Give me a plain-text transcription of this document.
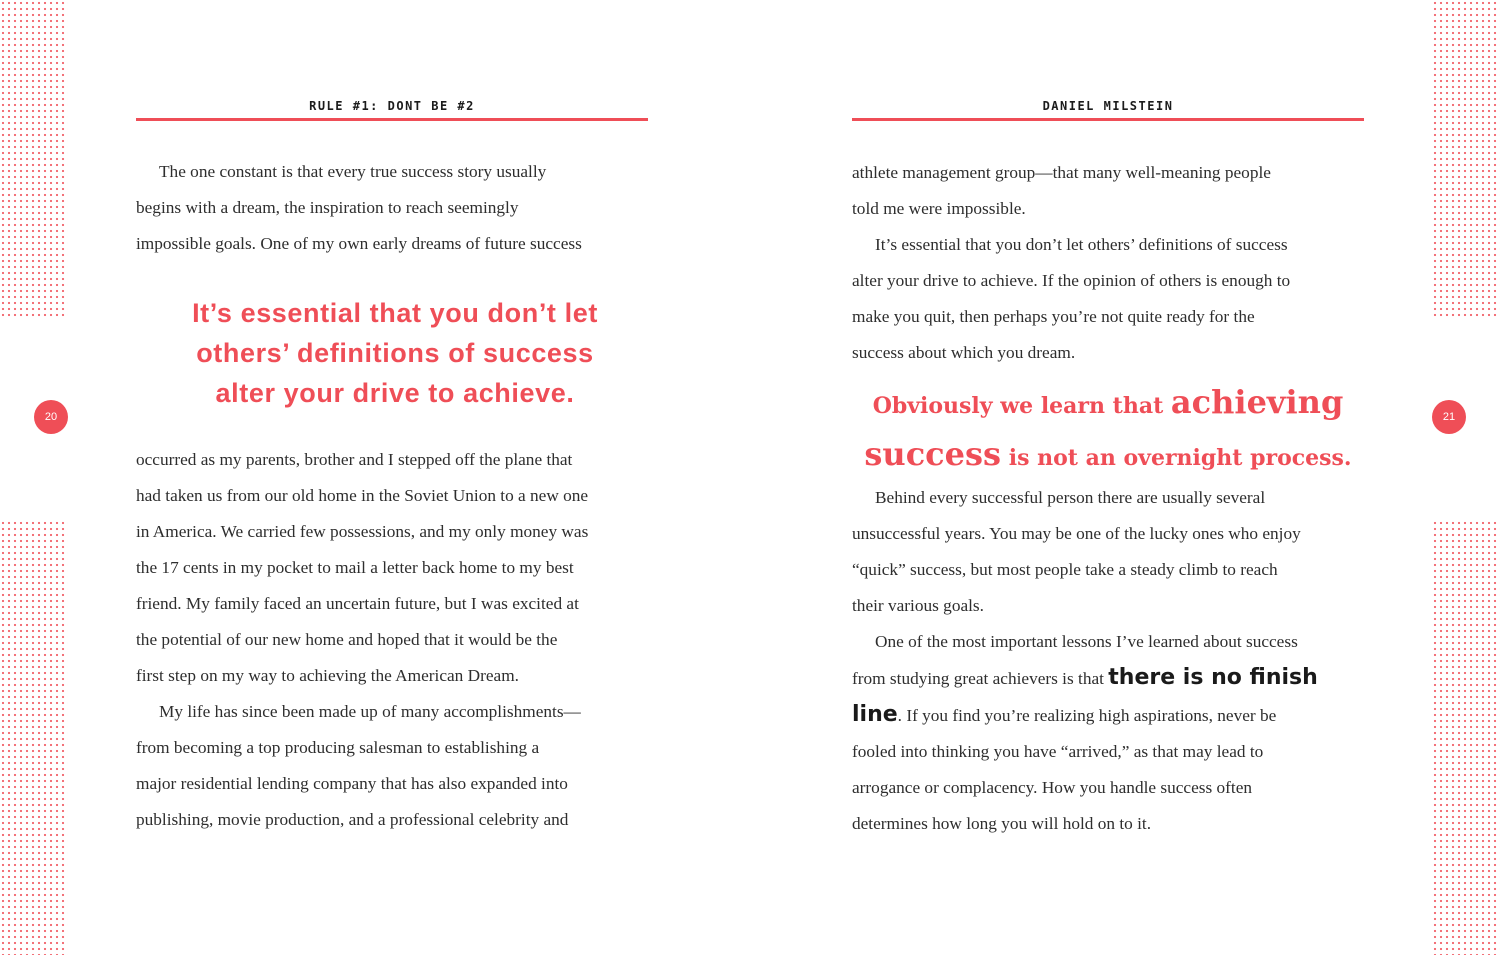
20	21
RULE #1: DONT BE #2	DANIEL MILSTEIN

The one constant is that every true success story usually

begins with a dream, the inspiration to reach seemingly

impossible goals. One of my own early dreams of future success

It’s essential that you don’t let
others’ definitions of success
alter your drive to achieve.

occurred as my parents, brother and I stepped off the plane that

had taken us from our old home in the Soviet Union to a new one

in America. We carried few possessions, and my only money was

the 17 cents in my pocket to mail a letter back home to my best

friend. My family faced an uncertain future, but I was excited at

the potential of our new home and hoped that it would be the

first step on my way to achieving the American Dream.

My life has since been made up of many accomplishments—

from becoming a top producing salesman to establishing a

major residential lending company that has also expanded into

publishing, movie production, and a professional celebrity and

athlete management group—that many well-meaning people

told me were impossible.

It’s essential that you don’t let others’ definitions of success

alter your drive to achieve. If the opinion of others is enough to

make you quit, then perhaps you’re not quite ready for the

success about which you dream.

Obviously we learn that achieving
success is not an overnight process.

Behind every successful person there are usually several

unsuccessful years. You may be one of the lucky ones who enjoy

“quick” success, but most people take a steady climb to reach

their various goals.

One of the most important lessons I’ve learned about success

from studying great achievers is that there is no finish

line. If you find you’re realizing high aspirations, never be

fooled into thinking you have “arrived,” as that may lead to

arrogance or complacency. How you handle success often

determines how long you will hold on to it.
